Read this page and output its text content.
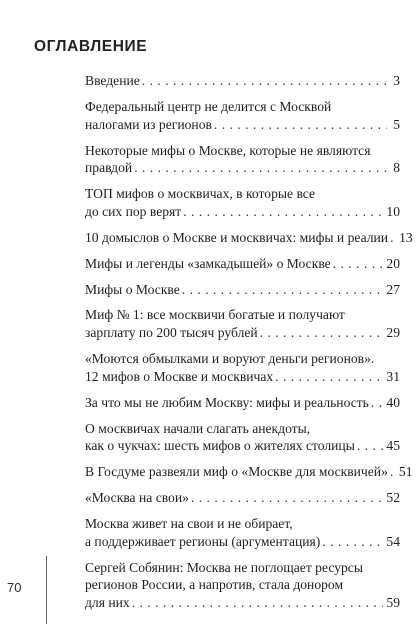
ОГЛАВЛЕНИЕ
Введение . . .	3
Федеральный центр не делится с Москвой
налогами из регионов . . .	5
Некоторые мифы о Москве, которые не являются
правдой . . .	8
ТОП мифов о москвичах, в которые все
до сих пор верят . . .	10
10 домыслов о Москве и москвичах: мифы и реалии . . . 13
Мифы и легенды «замкадышей» о Москве . . .	20
Мифы о Москве . . .	27
Миф № 1: все москвичи богатые и получают
зарплату по 200 тысяч рублей . . .	29
«Моются обмылками и воруют деньги регионов».
12 мифов о Москве и москвичах . . .	31
За что мы не любим Москву: мифы и реальность . . . 40
О москвичах начали слагать анекдоты,
как о чукчах: шесть мифов о жителях столицы . . . 45
В Госдуме развеяли миф о «Москве для москвичей» . . . 51
«Москва на свои» . . .	52
Москва живет на свои и не обирает,
а поддерживает регионы (аргументация) . . .	54
Сергей Собянин: Москва не поглощает ресурсы
регионов России, а напротив, стала донором
для них . . .	59
70
